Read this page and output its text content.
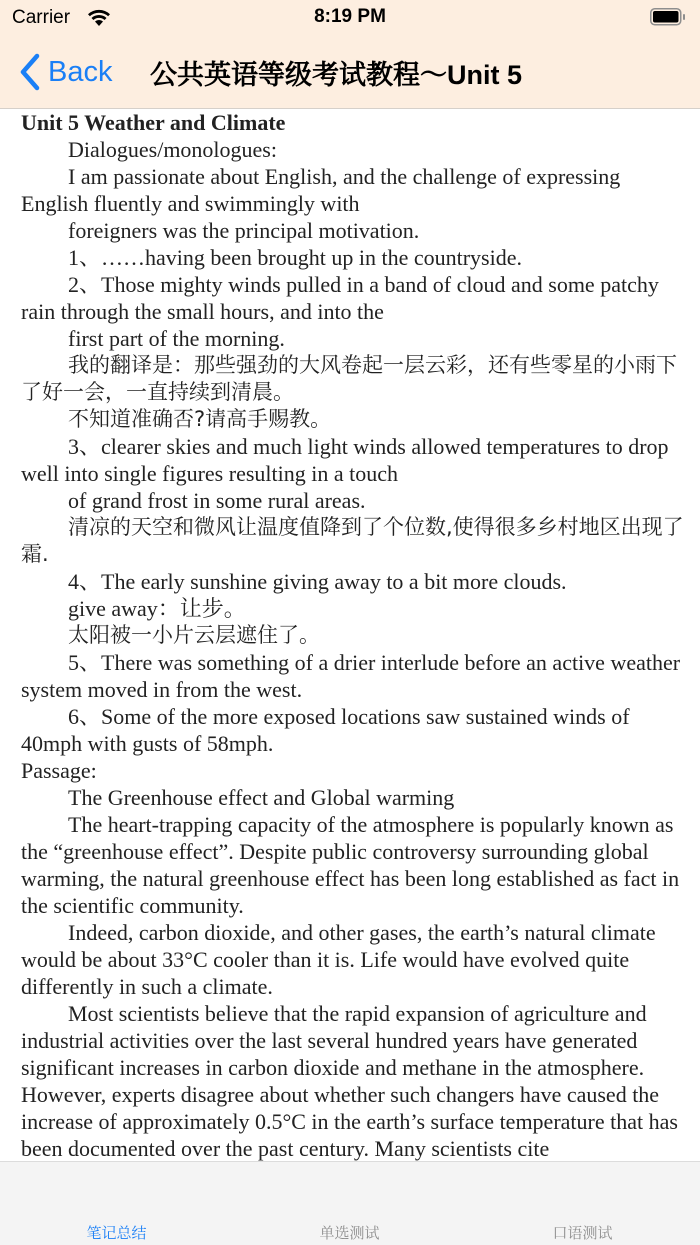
Carrier	8:19 PM
Back 公共英语等级考试教程～Unit 5

Unit 5 Weather and Climate

Dialogues/monologues:

I am passionate about English, and the challenge of expressing English fluently and swimmingly with

foreigners was the principal motivation.

1、……having been brought up in the countryside.

2、Those mighty winds pulled in a band of cloud and some patchy rain through the small hours, and into the

first part of the morning.

我的翻译是：那些强劲的大风卷起一层云彩，还有些零星的小雨下了好一会，一直持续到清晨。

不知道准确否?请高手赐教。

3、clearer skies and much light winds allowed temperatures to drop well into single figures resulting in a touch

of grand frost in some rural areas.

清凉的天空和微风让温度值降到了个位数,使得很多乡村地区出现了霜.

4、The early sunshine giving away to a bit more clouds.

give away：让步。

太阳被一小片云层遮住了。

5、There was something of a drier interlude before an active weather system moved in from the west.

6、Some of the more exposed locations saw sustained winds of 40mph with gusts of 58mph.

Passage:

The Greenhouse effect and Global warming

The heart-trapping capacity of the atmosphere is popularly known as the “greenhouse effect”. Despite public controversy surrounding global warming, the natural greenhouse effect has been long established as fact in the scientific community.

Indeed, carbon dioxide, and other gases, the earth’s natural climate would be about 33°C cooler than it is. Life would have evolved quite differently in such a climate.

Most scientists believe that the rapid expansion of agriculture and industrial activities over the last several hundred years have generated significant increases in carbon dioxide and methane in the atmosphere. However, experts disagree about whether such changers have caused the increase of approximately 0.5°C in the earth’s surface temperature that has been documented over the past century. Many scientists cite

笔记总结	单选测试	口语测试
